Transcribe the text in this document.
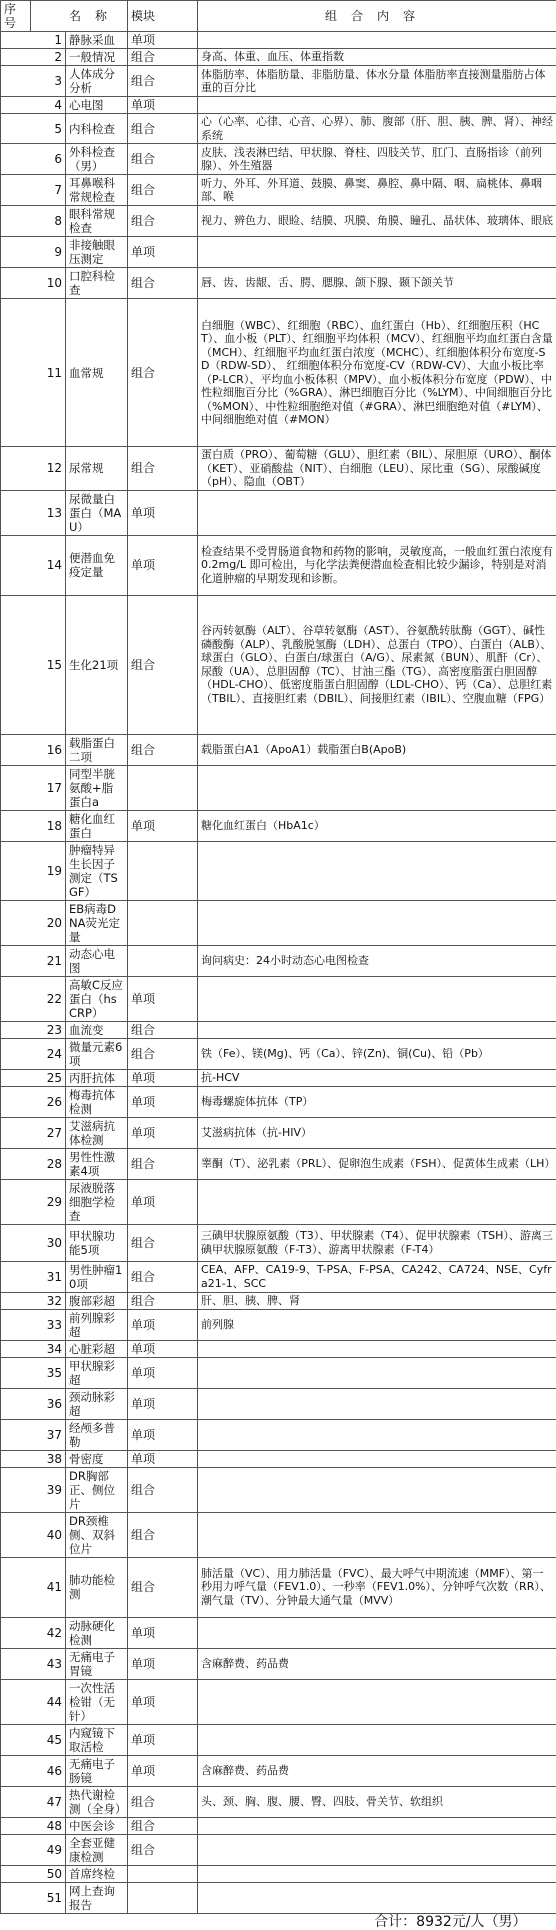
序号	名称		模块	组合内容
	1	静脉采血	单项	
	2	一般情况	组合	身高、体重、血压、体重指数
	3	人体成分分析	组合	体脂肪率、体脂肪量、非脂肪量、体水分量 体脂肪率直接测量脂肪占体重的百分比
	4	心电图	单项	
	5	内科检查	组合	心（心率、心律、心音、心界）、肺、腹部（肝、胆、胰、脾、肾）、神经系统
	6	外科检查（男）	组合	皮肤、浅表淋巴结、甲状腺、脊柱、四肢关节、肛门、直肠指诊（前列腺）、外生殖器
	7	耳鼻喉科常规检查	组合	听力、外耳、外耳道、鼓膜、鼻窦、鼻腔、鼻中隔、咽、扁桃体、鼻咽部、喉
	8	眼科常规检查	组合	视力、辨色力、眼睑、结膜、巩膜、角膜、瞳孔、晶状体、玻璃体、眼底
	9	非接触眼压测定	单项	
	10	口腔科检查	组合	唇、齿、齿龈、舌、腭、腮腺、颌下腺、颞下颌关节
	11	血常规	组合	白细胞（WBC）、红细胞（RBC）、血红蛋白（Hb）、红细胞压积（HCT）、血小板（PLT）、红细胞平均体积（MCV）、红细胞平均血红蛋白含量（MCH）、红细胞平均血红蛋白浓度（MCHC）、红细胞体积分布宽度-SD（RDW-SD）、 红细胞体积分布宽度-CV（RDW-CV）、大血小板比率（P-LCR）、平均血小板体积（MPV）、血小板体积分布宽度（PDW）、中性粒细胞百分比（%GRA）、淋巴细胞百分比（%LYM）、中间细胞百分比（%MON）、中性粒细胞绝对值（#GRA）、淋巴细胞绝对值（#LYM）、中间细胞绝对值（#MON）
	12	尿常规	组合	蛋白质（PRO）、葡萄糖（GLU）、胆红素（BIL）、尿胆原（URO）、酮体（KET）、亚硝酸盐（NIT）、白细胞（LEU）、尿比重（SG）、尿酸碱度（pH）、隐血（OBT）
	13	尿微量白蛋白（MAU）	单项	
	14	便潜血免疫定量	单项	检查结果不受胃肠道食物和药物的影响，灵敏度高，一般血红蛋白浓度有0.2mg/L 即可检出，与化学法粪便潜血检查相比较少漏诊，特别是对消化道肿瘤的早期发现和诊断。
	15	生化21项	组合	谷丙转氨酶（ALT）、谷草转氨酶（AST）、谷氨酰转肽酶（GGT）、碱性磷酸酶（ALP）、乳酸脱氢酶（LDH）、总蛋白（TPO）、白蛋白（ALB）、球蛋白（GLO）、白蛋白/球蛋白（A/G）、尿素氮（BUN）、肌酐（Cr）、尿酸（UA）、总胆固醇（TC）、甘油三酯（TG）、高密度脂蛋白胆固醇（HDL-CHO）、低密度脂蛋白胆固醇（LDL-CHO）、钙（Ca）、总胆红素（TBIL）、直接胆红素（DBIL）、间接胆红素（IBIL）、空腹血糖（FPG）
	16	载脂蛋白二项	组合	载脂蛋白A1（ApoA1）载脂蛋白B(ApoB)
	17	同型半胱氨酸+脂蛋白a		
	18	糖化血红蛋白	单项	糖化血红蛋白（HbA1c）
	19	肿瘤特异生长因子测定（TSGF）		
	20	EB病毒DNA荧光定量		
	21	动态心电图		询问病史：24小时动态心电图检查
	22	高敏C反应蛋白（hsCRP）	单项	
	23	血流变	组合	
	24	微量元素6项	组合	铁（Fe）、镁(Mg)、钙（Ca）、锌(Zn)、铜(Cu)、铅（Pb）
	25	丙肝抗体	单项	抗-HCV
	26	梅毒抗体检测	单项	梅毒螺旋体抗体（TP）
	27	艾滋病抗体检测	单项	艾滋病抗体（抗-HIV）
	28	男性性激素4项	组合	睾酮（T）、泌乳素（PRL）、促卵泡生成素（FSH）、促黄体生成素（LH）
	29	尿液脱落细胞学检查	单项	
	30	甲状腺功能5项	组合	三碘甲状腺原氨酸（T3）、甲状腺素（T4）、促甲状腺素（TSH）、游离三碘甲状腺原氨酸（F-T3）、游离甲状腺素（F-T4）
	31	男性肿瘤10项	组合	CEA、AFP、CA19-9、T-PSA、F-PSA、CA242、CA724、NSE、Cyfra21-1、SCC
	32	腹部彩超	组合	肝、胆、胰、脾、肾
	33	前列腺彩超	单项	前列腺
	34	心脏彩超	单项	
	35	甲状腺彩超	单项	
	36	颈动脉彩超	单项	
	37	经颅多普勒	单项	
	38	骨密度	单项	
	39	DR胸部正、侧位片	组合	
	40	DR颈椎侧、双斜位片	组合	
	41	肺功能检测	组合	肺活量（VC）、用力肺活量（FVC）、最大呼气中期流速（MMF）、第一秒用力呼气量（FEV1.0）、一秒率（FEV1.0%）、分钟呼气次数（RR）、潮气量（TV）、分钟最大通气量（MVV）
	42	动脉硬化检测	单项	
	43	无痛电子胃镜	单项	含麻醉费、药品费
	44	一次性活检钳（无针）	单项	
	45	内窥镜下取活检	单项	
	46	无痛电子肠镜	单项	含麻醉费、药品费
	47	热代谢检测（全身）	组合	头、颈、胸、腹、腰、臀、四肢、骨关节、软组织
	48	中医会诊	组合	
	49	全套亚健康检测	组合	
	50	首席终检		
	51	网上查询报告		
合计：8932元/人（男）				
